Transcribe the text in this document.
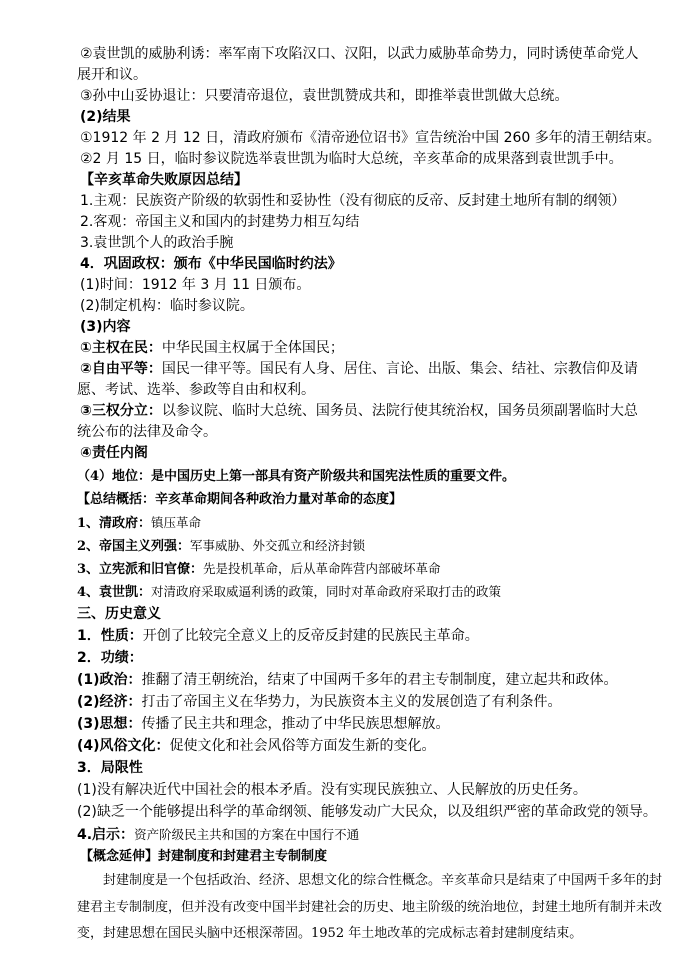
②袁世凯的威胁利诱：率军南下攻陷汉口、汉阳，以武力威胁革命势力，同时诱使革命党人
展开和议。
③孙中山妥协退让：只要清帝退位，袁世凯赞成共和，即推举袁世凯做大总统。
(2)结果
①1912 年 2 月 12 日，清政府颁布《清帝逊位诏书》宣告统治中国 260 多年的清王朝结束。
②2 月 15 日，临时参议院选举袁世凯为临时大总统，辛亥革命的成果落到袁世凯手中。
【辛亥革命失败原因总结】
1.主观：民族资产阶级的软弱性和妥协性（没有彻底的反帝、反封建土地所有制的纲领）
2.客观：帝国主义和国内的封建势力相互勾结
3.袁世凯个人的政治手腕
4．巩固政权：颁布《中华民国临时约法》
(1)时间：1912 年 3 月 11 日颁布。
(2)制定机构：临时参议院。
(3)内容
①主权在民：中华民国主权属于全体国民；
②自由平等：国民一律平等。国民有人身、居住、言论、出版、集会、结社、宗教信仰及请
愿、考试、选举、参政等自由和权利。
③三权分立：以参议院、临时大总统、国务员、法院行使其统治权，国务员须副署临时大总
统公布的法律及命令。
④责任内阁
（4）地位：是中国历史上第一部具有资产阶级共和国宪法性质的重要文件。
【总结概括：辛亥革命期间各种政治力量对革命的态度】
1、清政府：镇压革命
2、帝国主义列强：军事威胁、外交孤立和经济封锁
3、立宪派和旧官僚：先是投机革命，后从革命阵营内部破坏革命
4、袁世凯：对清政府采取威逼利诱的政策，同时对革命政府采取打击的政策
三、历史意义
1．性质：开创了比较完全意义上的反帝反封建的民族民主革命。
2．功绩：
(1)政治：推翻了清王朝统治，结束了中国两千多年的君主专制制度，建立起共和政体。
(2)经济：打击了帝国主义在华势力，为民族资本主义的发展创造了有利条件。
(3)思想：传播了民主共和理念，推动了中华民族思想解放。
(4)风俗文化：促使文化和社会风俗等方面发生新的变化。
3．局限性
(1)没有解决近代中国社会的根本矛盾。没有实现民族独立、人民解放的历史任务。
(2)缺乏一个能够提出科学的革命纲领、能够发动广大民众，以及组织严密的革命政党的领导。
4.启示：资产阶级民主共和国的方案在中国行不通
【概念延伸】封建制度和封建君主专制制度
封建制度是一个包括政治、经济、思想文化的综合性概念。辛亥革命只是结束了中国两千多年的封建君主专制制度，但并没有改变中国半封建社会的历史、地主阶级的统治地位，封建土地所有制并未改变，封建思想在国民头脑中还根深蒂固。1952 年土地改革的完成标志着封建制度结束。
